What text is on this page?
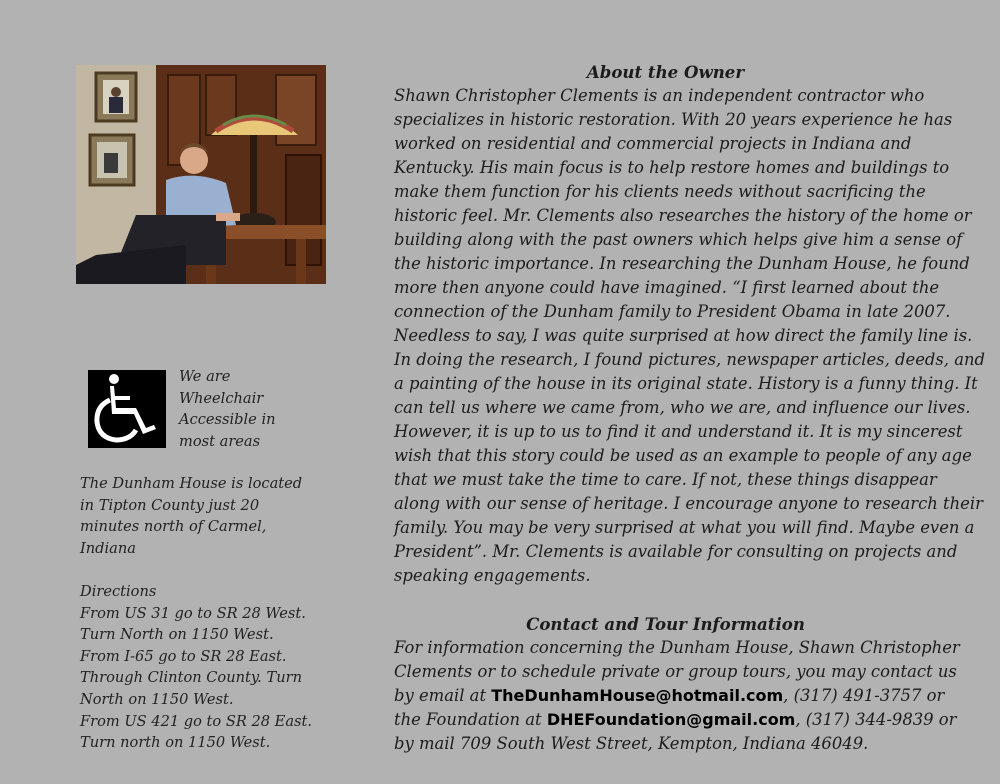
We are
Wheelchair
Accessible in
most areas
The Dunham House is located
in Tipton County just 20
minutes north of Carmel,
Indiana
Directions
From US 31 go to SR 28 West.
Turn North on 1150 West.
From I-65 go to SR 28 East.
Through Clinton County. Turn
North on 1150 West.
From US 421 go to SR 28 East.
Turn north on 1150 West.
About the Owner
Shawn Christopher Clements is an independent contractor who
specializes in historic restoration. With 20 years experience he has
worked on residential and commercial projects in Indiana and
Kentucky. His main focus is to help restore homes and buildings to
make them function for his clients needs without sacrificing the
historic feel. Mr. Clements also researches the history of the home or
building along with the past owners which helps give him a sense of
the historic importance. In researching the Dunham House, he found
more then anyone could have imagined. “I first learned about the
connection of the Dunham family to President Obama in late 2007.
Needless to say, I was quite surprised at how direct the family line is.
In doing the research, I found pictures, newspaper articles, deeds, and
a painting of the house in its original state. History is a funny thing. It
can tell us where we came from, who we are, and influence our lives.
However, it is up to us to find it and understand it. It is my sincerest
wish that this story could be used as an example to people of any age
that we must take the time to care. If not, these things disappear
along with our sense of heritage. I encourage anyone to research their
family. You may be very surprised at what you will find. Maybe even a
President”. Mr. Clements is available for consulting on projects and
speaking engagements.
Contact and Tour Information
For information concerning the Dunham House, Shawn Christopher
Clements or to schedule private or group tours, you may contact us
by email at TheDunhamHouse@hotmail.com, (317) 491-3757 or
the Foundation at DHEFoundation@gmail.com, (317) 344-9839 or
by mail 709 South West Street, Kempton, Indiana 46049.
